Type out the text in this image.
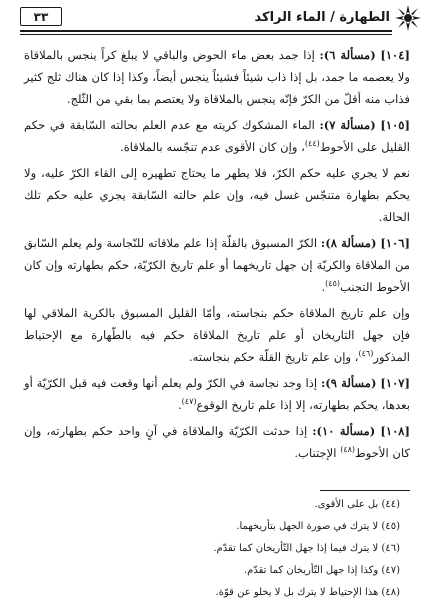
الطهارة / الماء الراكد
٣٣

[١٠٤] (مسألة ٦): إذا جمد بعض ماء الحوض والباقي لا يبلغ كراً ينجس بالملاقاة ولا يعصمه ما جمد، بل إذا ذاب شيئاً فشيئاً ينجس أيضاً، وكذا إذا كان هناك ثلج كثير فذاب منه أقلّ من الكرّ فإنّه ينجس بالملاقاة ولا يعتصم بما بقي من الثّلج.

[١٠٥] (مسألة ٧): الماء المشكوك كريته مع عدم العلم بحالته السّابقة في حكم القليل على الأحوط$^{(٤٤)}$، وإن كان الأقوى عدم تنجّسه بالملاقاة.

نعم لا يجري عليه حكم الكرّ، فلا يطهر ما يحتاج تطهيره إلى القاء الكرّ عليه، ولا يحكم بطهارة متنجّس غسل فيه، وإن علم حالته السّابقة يجري عليه حكم تلك الحالة.

[١٠٦] (مسألة ٨): الكرّ المسبوق بالقلّة إذا علم ملاقاته للنّجاسة ولم يعلم السّابق من الملاقاة والكريّة إن جهل تاريخهما أو علم تاريخ الكرّيّة، حكم بطهارته وإن كان الأحوط التجنب$^{(٤٥)}$.

وإن علم تاريخ الملاقاة حكم بنجاسته، وأمّا القليل المسبوق بالكرية الملاقي لها فإن جهل التاريخان أو علم تاريخ الملاقاة حكم فيه بالطّهارة مع الإحتياط المذكور$^{(٤٦)}$، وإن علم تاريخ القلّة حكم بنجاسته.

[١٠٧] (مسألة ٩): إذا وجد نجاسة في الكرّ ولم يعلم أنها وقعت فيه قبل الكرّيّة أو بعدها، يحكم بطهارته، إلا إذا علم تاريخ الوقوع$^{(٤٧)}$.

[١٠٨] (مسألة ١٠): إذا حدثت الكرّيّة والملاقاة في آنٍ واحد حكم بطهارته، وإن كان الأحوط$^{(٤٨)}$ الإجتناب.

(٤٤) بل على الأقوى.
(٤٥) لا يترك في صورة الجهل بتأريخهما.
(٤٦) لا يترك فيما إذا جهل التّأريخان كما تقدّم.
(٤٧) وكذا إذا جهل التّأريخان كما تقدّم.
(٤٨) هذا الإحتياط لا يترك بل لا يخلو عن قوّة.
